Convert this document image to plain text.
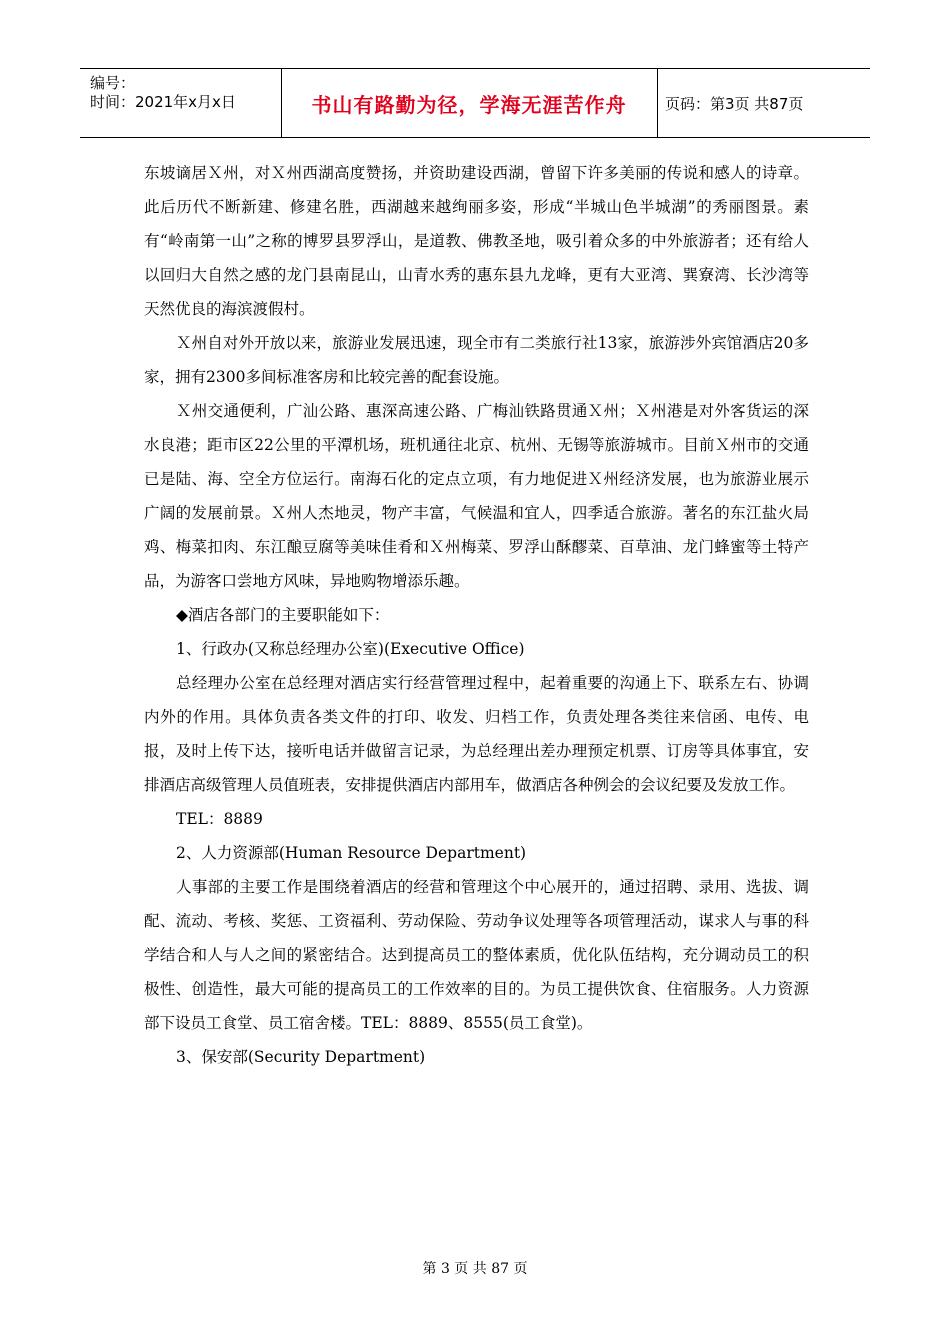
编号：
时间：2021年x月x日	书山有路勤为径，学海无涯苦作舟	页码：第3页 共87页

东坡谪居Ｘ州，对Ｘ州西湖高度赞扬，并资助建设西湖，曾留下许多美丽的传说和感人的诗章。此后历代不断新建、修建名胜，西湖越来越绚丽多姿，形成“半城山色半城湖”的秀丽图景。素有“岭南第一山”之称的博罗县罗浮山，是道教、佛教圣地，吸引着众多的中外旅游者；还有给人以回归大自然之感的龙门县南昆山，山青水秀的惠东县九龙峰，更有大亚湾、巽寮湾、长沙湾等天然优良的海滨渡假村。

Ｘ州自对外开放以来，旅游业发展迅速，现全市有二类旅行社13家，旅游涉外宾馆酒店20多家，拥有2300多间标准客房和比较完善的配套设施。

Ｘ州交通便利，广汕公路、惠深高速公路、广梅汕铁路贯通Ｘ州；Ｘ州港是对外客货运的深水良港；距市区22公里的平潭机场，班机通往北京、杭州、无锡等旅游城市。目前Ｘ州市的交通已是陆、海、空全方位运行。南海石化的定点立项，有力地促进Ｘ州经济发展，也为旅游业展示广阔的发展前景。Ｘ州人杰地灵，物产丰富，气候温和宜人，四季适合旅游。著名的东江盐火局鸡、梅菜扣肉、东江酿豆腐等美味佳肴和Ｘ州梅菜、罗浮山酥醪菜、百草油、龙门蜂蜜等土特产品，为游客口尝地方风味，异地购物增添乐趣。

◆酒店各部门的主要职能如下：

1、行政办(又称总经理办公室)(Executive Office)

总经理办公室在总经理对酒店实行经营管理过程中，起着重要的沟通上下、联系左右、协调内外的作用。具体负责各类文件的打印、收发、归档工作，负责处理各类往来信函、电传、电报，及时上传下达，接听电话并做留言记录，为总经理出差办理预定机票、订房等具体事宜，安排酒店高级管理人员值班表，安排提供酒店内部用车，做酒店各种例会的会议纪要及发放工作。

TEL：8889

2、人力资源部(Human Resource Department)

人事部的主要工作是围绕着酒店的经营和管理这个中心展开的，通过招聘、录用、选拔、调配、流动、考核、奖惩、工资福利、劳动保险、劳动争议处理等各项管理活动，谋求人与事的科学结合和人与人之间的紧密结合。达到提高员工的整体素质，优化队伍结构，充分调动员工的积极性、创造性，最大可能的提高员工的工作效率的目的。为员工提供饮食、住宿服务。人力资源部下设员工食堂、员工宿舍楼。TEL：8889、8555(员工食堂)。

3、保安部(Security Department)

第 3 页 共 87 页
